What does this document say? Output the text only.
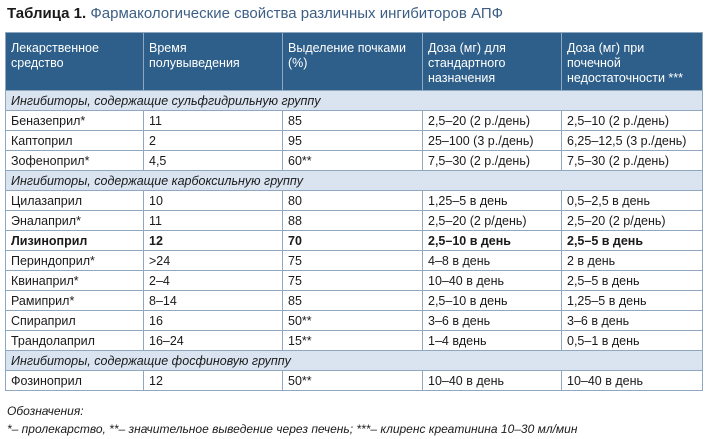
Таблица 1. Фармакологические свойства различных ингибиторов АПФ
Лекарственное средство	Время полувыведения	Выделение почками (%)	Доза (мг) для стандартного назначения	Доза (мг) при почечной недостаточности ***
Ингибиторы, содержащие сульфгидрильную группу				
Беназеприл*	11	85	2,5–20 (2 р./день)	2,5–10 (2 р./день)
Каптоприл	2	95	25–100 (3 р./день)	6,25–12,5 (3 р./день)
Зофеноприл*	4,5	60**	7,5–30 (2 р./день)	7,5–30 (2 р./день)
Ингибиторы, содержащие карбоксильную группу				
Цилазаприл	10	80	1,25–5 в день	0,5–2,5 в день
Эналаприл*	11	88	2,5–20 (2 р/день)	2,5–20 (2 р/день)
Лизиноприл	12	70	2,5–10 в день	2,5–5 в день
Периндоприл*	>24	75	4–8 в день	2 в день
Квинаприл*	2–4	75	10–40 в день	2,5–5 в день
Рамиприл*	8–14	85	2,5–10 в день	1,25–5 в день
Спираприл	16	50**	3–6 в день	3–6 в день
Трандолаприл	16–24	15**	1–4 вдень	0,5–1 в день
Ингибиторы, содержащие фосфиновую группу				
Фозиноприл	12	50**	10–40 в день	10–40 в день
Обозначения:
*– пролекарство, **– значительное выведение через печень; ***– клиренс креатинина 10–30 мл/мин
